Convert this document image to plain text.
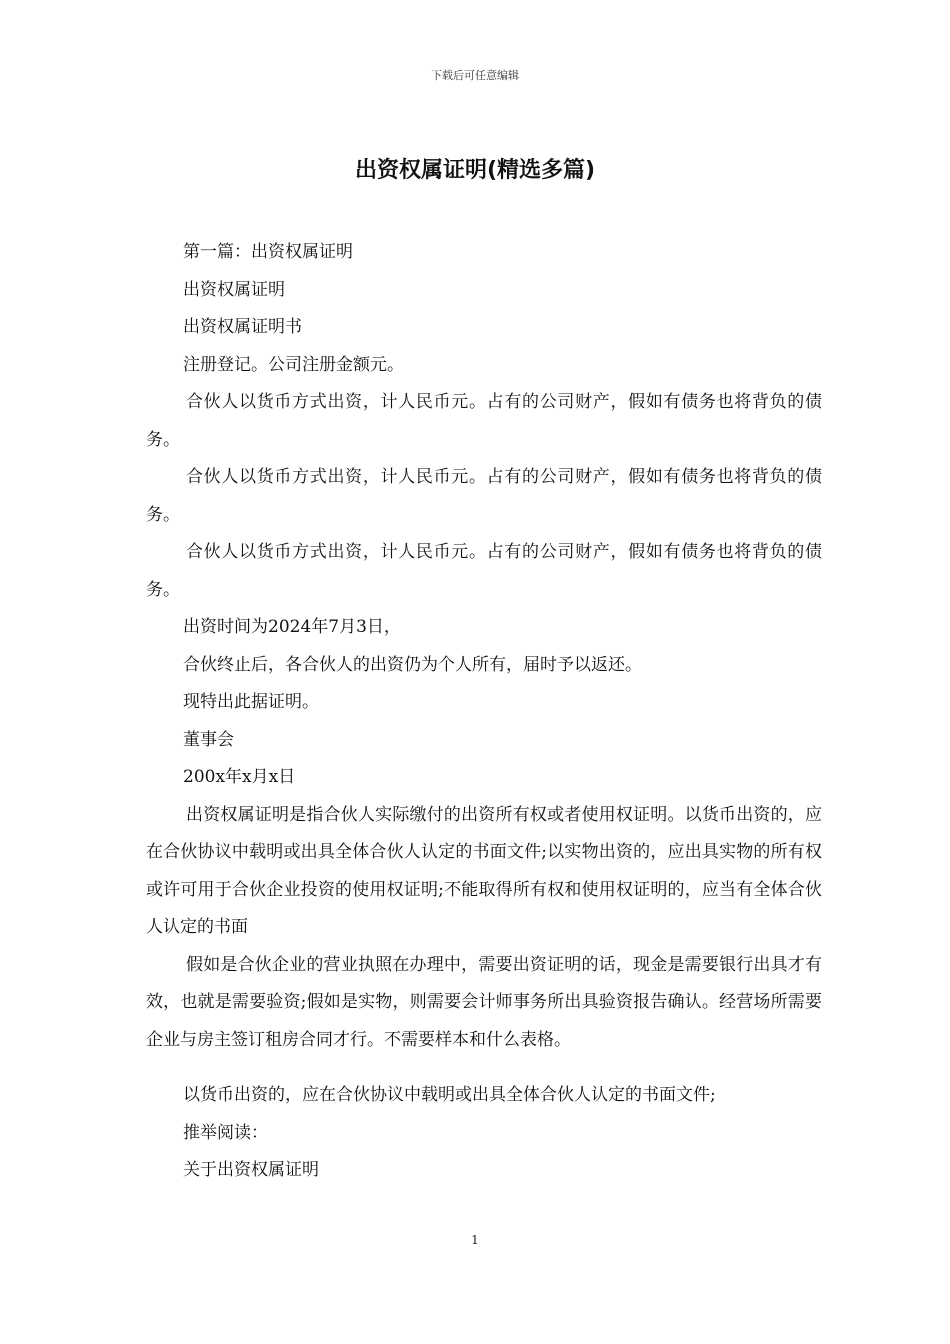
下载后可任意编辑
出资权属证明(精选多篇)
第一篇：出资权属证明
出资权属证明
出资权属证明书
注册登记。公司注册金额元。
合伙人以货币方式出资，计人民币元。占有的公司财产，假如有债务也将背负的债务。
合伙人以货币方式出资，计人民币元。占有的公司财产，假如有债务也将背负的债务。
合伙人以货币方式出资，计人民币元。占有的公司财产，假如有债务也将背负的债务。
出资时间为2024年7月3日，
合伙终止后，各合伙人的出资仍为个人所有，届时予以返还。
现特出此据证明。
董事会
200x年x月x日
出资权属证明是指合伙人实际缴付的出资所有权或者使用权证明。以货币出资的，应在合伙协议中载明或出具全体合伙人认定的书面文件;以实物出资的，应出具实物的所有权或许可用于合伙企业投资的使用权证明;不能取得所有权和使用权证明的，应当有全体合伙人认定的书面
假如是合伙企业的营业执照在办理中，需要出资证明的话，现金是需要银行出具才有效，也就是需要验资;假如是实物，则需要会计师事务所出具验资报告确认。经营场所需要企业与房主签订租房合同才行。不需要样本和什么表格。
以货币出资的，应在合伙协议中载明或出具全体合伙人认定的书面文件;
推举阅读：
关于出资权属证明
1
